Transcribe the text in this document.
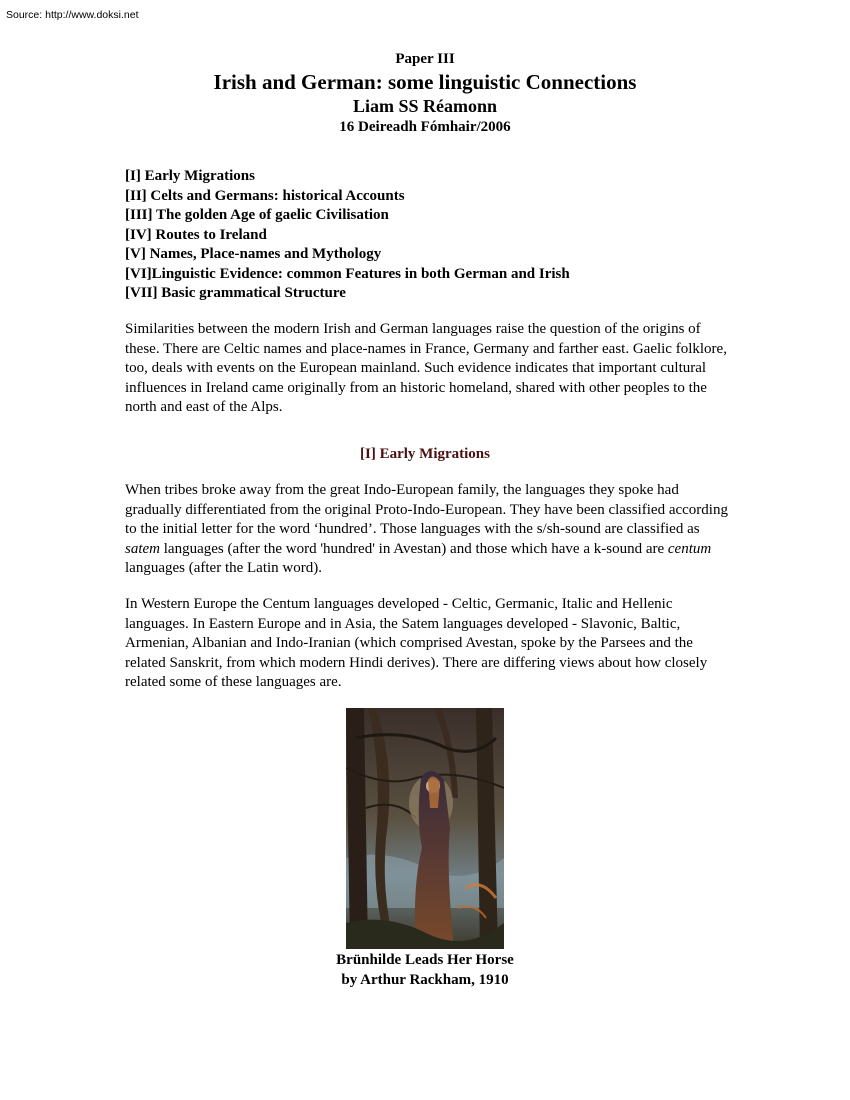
Source: http://www.doksi.net
Paper III
Irish and German: some linguistic Connections
Liam SS Réamonn
16 Deireadh Fómhair/2006
[I] Early Migrations
[II] Celts and Germans: historical Accounts
[III] The golden Age of gaelic Civilisation
[IV] Routes to Ireland
[V] Names, Place-names and Mythology
[VI]Linguistic Evidence: common Features in both German and Irish
[VII] Basic grammatical Structure
Similarities between the modern Irish and German languages raise the question of the origins of these. There are Celtic names and place-names in France, Germany and farther east. Gaelic folklore, too, deals with events on the European mainland. Such evidence indicates that important cultural influences in Ireland came originally from an historic homeland, shared with other peoples to the north and east of the Alps.
[I] Early Migrations
When tribes broke away from the great Indo-European family, the languages they spoke had gradually differentiated from the original Proto-Indo-European. They have been classified according to the initial letter for the word ‘hundred’. Those languages with the s/sh-sound are classified as satem languages (after the word 'hundred' in Avestan) and those which have a k-sound are centum languages (after the Latin word).
In Western Europe the Centum languages developed - Celtic, Germanic, Italic and Hellenic languages. In Eastern Europe and in Asia, the Satem languages developed - Slavonic, Baltic, Armenian, Albanian and Indo-Iranian (which comprised Avestan, spoke by the Parsees and the related Sanskrit, from which modern Hindi derives). There are differing views about how closely related some of these languages are.
Brünhilde Leads Her Horse
by Arthur Rackham, 1910
